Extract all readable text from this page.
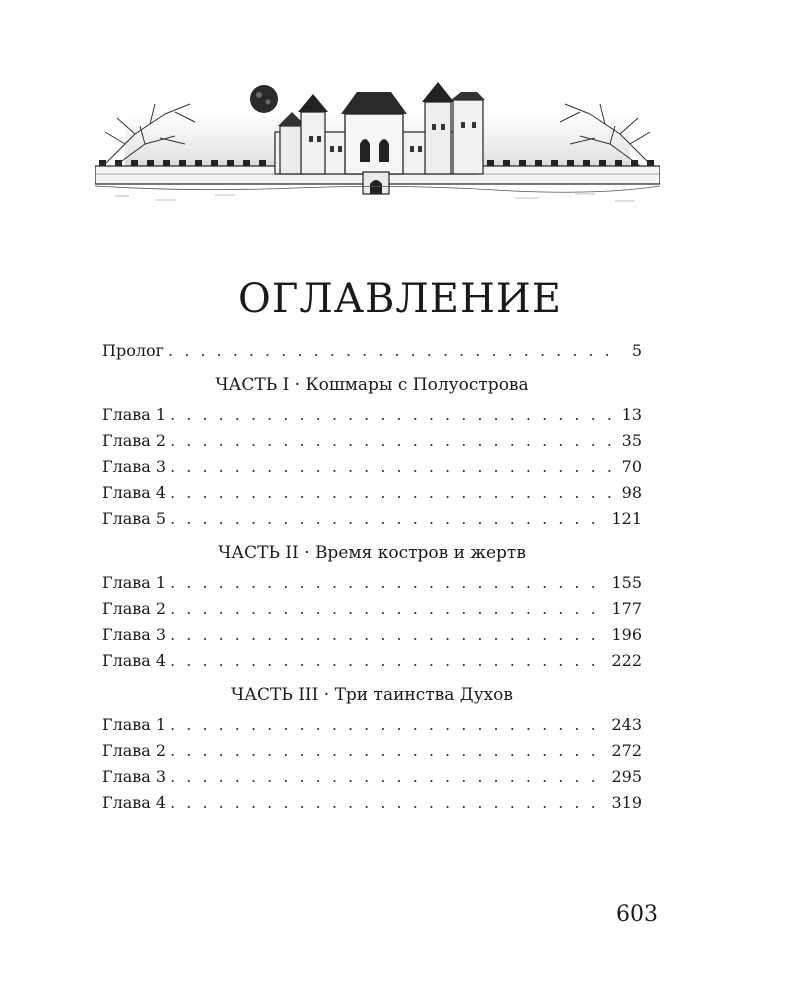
ОГЛАВЛЕНИЕ
Пролог . . .	5
ЧАСТЬ I · Кошмары с Полуострова
Глава 1 . . .	13
Глава 2 . . .	35
Глава 3 . . .	70
Глава 4 . . .	98
Глава 5 . . .	121
ЧАСТЬ II · Время костров и жертв
Глава 1 . . .	155
Глава 2 . . .	177
Глава 3 . . .	196
Глава 4 . . .	222
ЧАСТЬ III · Три таинства Духов
Глава 1 . . .	243
Глава 2 . . .	272
Глава 3 . . .	295
Глава 4 . . .	319
603
